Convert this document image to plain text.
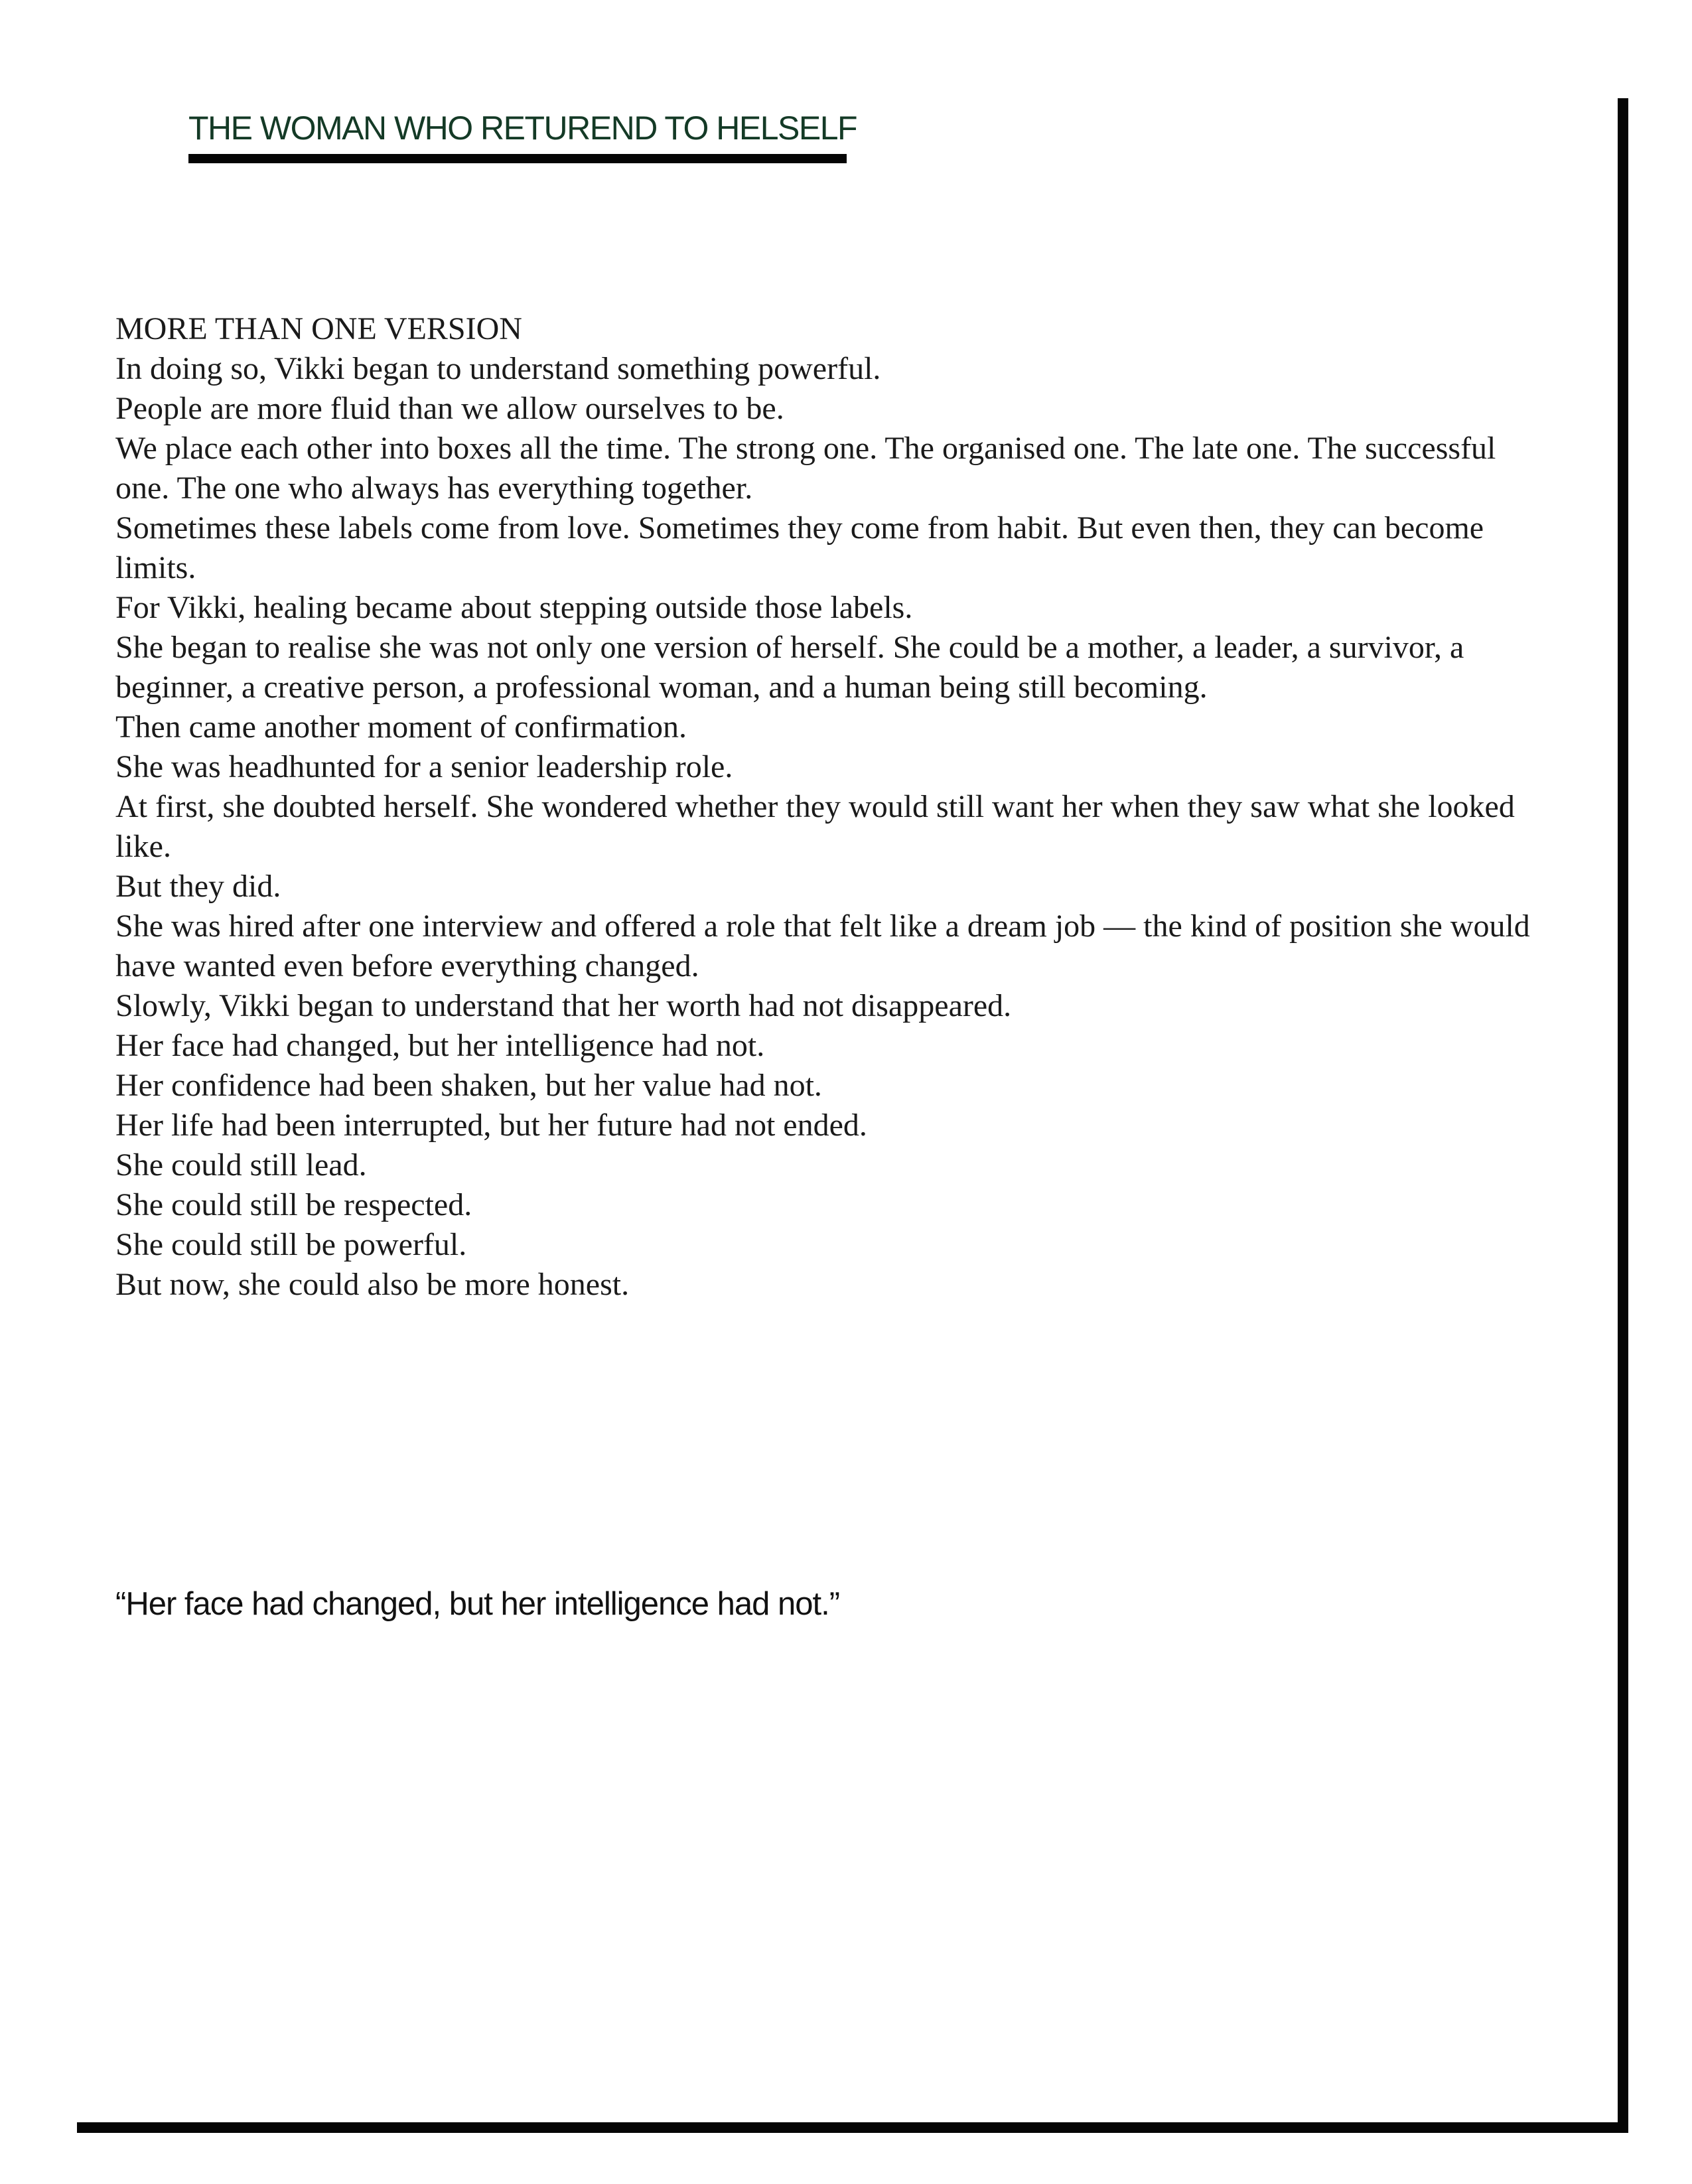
THE WOMAN WHO RETUREND TO HELSELF

MORE THAN ONE VERSION

In doing so, Vikki began to understand something powerful.

People are more fluid than we allow ourselves to be.

We place each other into boxes all the time. The strong one. The organised one. The late one. The successful one. The one who always has everything together.

Sometimes these labels come from love. Sometimes they come from habit. But even then, they can become limits.

For Vikki, healing became about stepping outside those labels.

She began to realise she was not only one version of herself. She could be a mother, a leader, a survivor, a beginner, a creative person, a professional woman, and a human being still becoming.

Then came another moment of confirmation.

She was headhunted for a senior leadership role.

At first, she doubted herself. She wondered whether they would still want her when they saw what she looked like.

But they did.

She was hired after one interview and offered a role that felt like a dream job — the kind of position she would have wanted even before everything changed.

Slowly, Vikki began to understand that her worth had not disappeared.

Her face had changed, but her intelligence had not.

Her confidence had been shaken, but her value had not.

Her life had been interrupted, but her future had not ended.

She could still lead.

She could still be respected.

She could still be powerful.

But now, she could also be more honest.

“Her face had changed, but her intelligence had not.”
